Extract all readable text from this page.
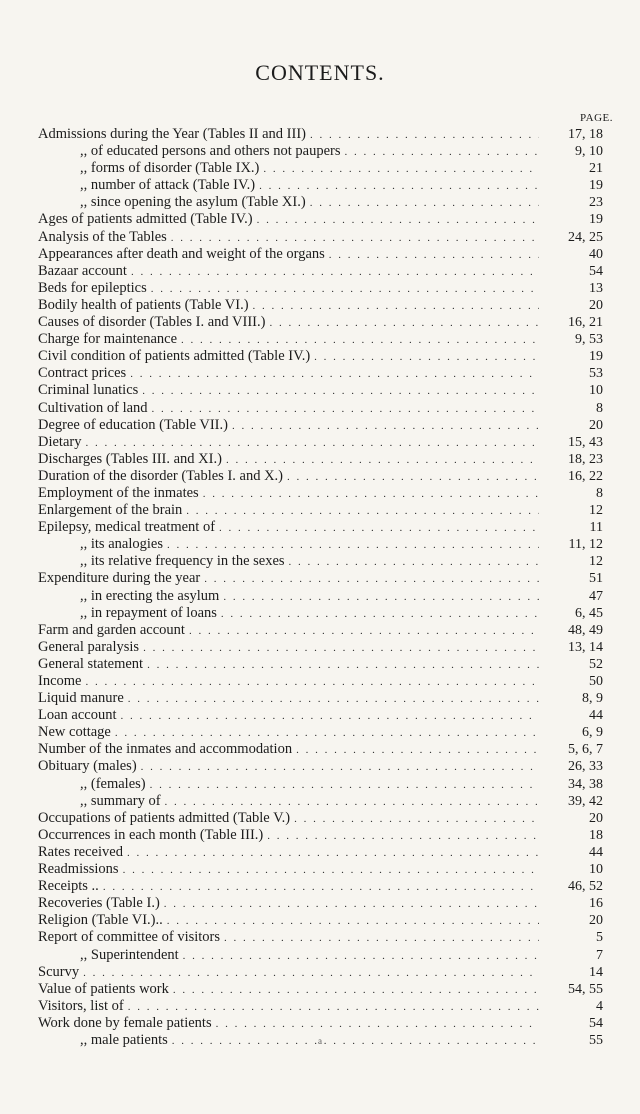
CONTENTS.
PAGE.
Admissions during the Year (Tables II and III) . . .	17, 18
,, of educated persons and others not paupers . . .	9, 10
,, forms of disorder (Table IX.) . . .	21
,, number of attack (Table IV.) . . .	19
,, since opening the asylum (Table XI.) . . .	23
Ages of patients admitted (Table IV.) . . .	19
Analysis of the Tables . . .	24, 25
Appearances after death and weight of the organs . . .	40
Bazaar account . . .	54
Beds for epileptics . . .	13
Bodily health of patients (Table VI.) . . .	20
Causes of disorder (Tables I. and VIII.) . . .	16, 21
Charge for maintenance . . .	9, 53
Civil condition of patients admitted (Table IV.) . . .	19
Contract prices . . .	53
Criminal lunatics . . .	10
Cultivation of land . . .	8
Degree of education (Table VII.) . . .	20
Dietary . . .	15, 43
Discharges (Tables III. and XI.) . . .	18, 23
Duration of the disorder (Tables I. and X.) . . .	16, 22
Employment of the inmates . . .	8
Enlargement of the brain . . .	12
Epilepsy, medical treatment of . . .	11
,, its analogies . . .	11, 12
,, its relative frequency in the sexes . . .	12
Expenditure during the year . . .	51
,, in erecting the asylum . . .	47
,, in repayment of loans . . .	6, 45
Farm and garden account . . .	48, 49
General paralysis . . .	13, 14
General statement . . .	52
Income . . .	50
Liquid manure . . .	8, 9
Loan account . . .	44
New cottage . . .	6, 9
Number of the inmates and accommodation . . .	5, 6, 7
Obituary (males) . . .	26, 33
,, (females) . . .	34, 38
,, summary of . . .	39, 42
Occupations of patients admitted (Table V.) . . .	20
Occurrences in each month (Table III.) . . .	18
Rates received . . .	44
Readmissions . . .	10
Receipts .. . . .	46, 52
Recoveries (Table I.) . . .	16
Religion (Table VI.).. . . .	20
Report of committee of visitors . . .	5
,, Superintendent . . .	7
Scurvy . . .	14
Value of patients work . . .	54, 55
Visitors, list of . . .	4
Work done by female patients . . .	54
,, male patients . . .	55
a
